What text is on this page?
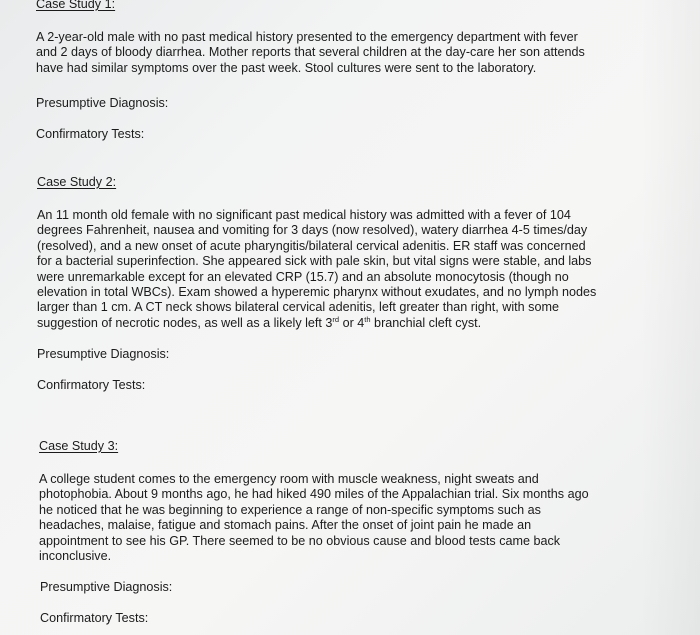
Case Study 1:
A 2-year-old male with no past medical history presented to the emergency department with fever
and 2 days of bloody diarrhea. Mother reports that several children at the day-care her son attends
have had similar symptoms over the past week. Stool cultures were sent to the laboratory.
Presumptive Diagnosis:
Confirmatory Tests:
Case Study 2:
An 11 month old female with no significant past medical history was admitted with a fever of 104
degrees Fahrenheit, nausea and vomiting for 3 days (now resolved), watery diarrhea 4-5 times/day
(resolved), and a new onset of acute pharyngitis/bilateral cervical adenitis. ER staff was concerned
for a bacterial superinfection. She appeared sick with pale skin, but vital signs were stable, and labs
were unremarkable except for an elevated CRP (15.7) and an absolute monocytosis (though no
elevation in total WBCs). Exam showed a hyperemic pharynx without exudates, and no lymph nodes
larger than 1 cm. A CT neck shows bilateral cervical adenitis, left greater than right, with some
suggestion of necrotic nodes, as well as a likely left 3rd or 4th branchial cleft cyst.
Presumptive Diagnosis:
Confirmatory Tests:
Case Study 3:
A college student comes to the emergency room with muscle weakness, night sweats and
photophobia. About 9 months ago, he had hiked 490 miles of the Appalachian trial. Six months ago
he noticed that he was beginning to experience a range of non-specific symptoms such as
headaches, malaise, fatigue and stomach pains. After the onset of joint pain he made an
appointment to see his GP. There seemed to be no obvious cause and blood tests came back
inconclusive.
Presumptive Diagnosis:
Confirmatory Tests:
